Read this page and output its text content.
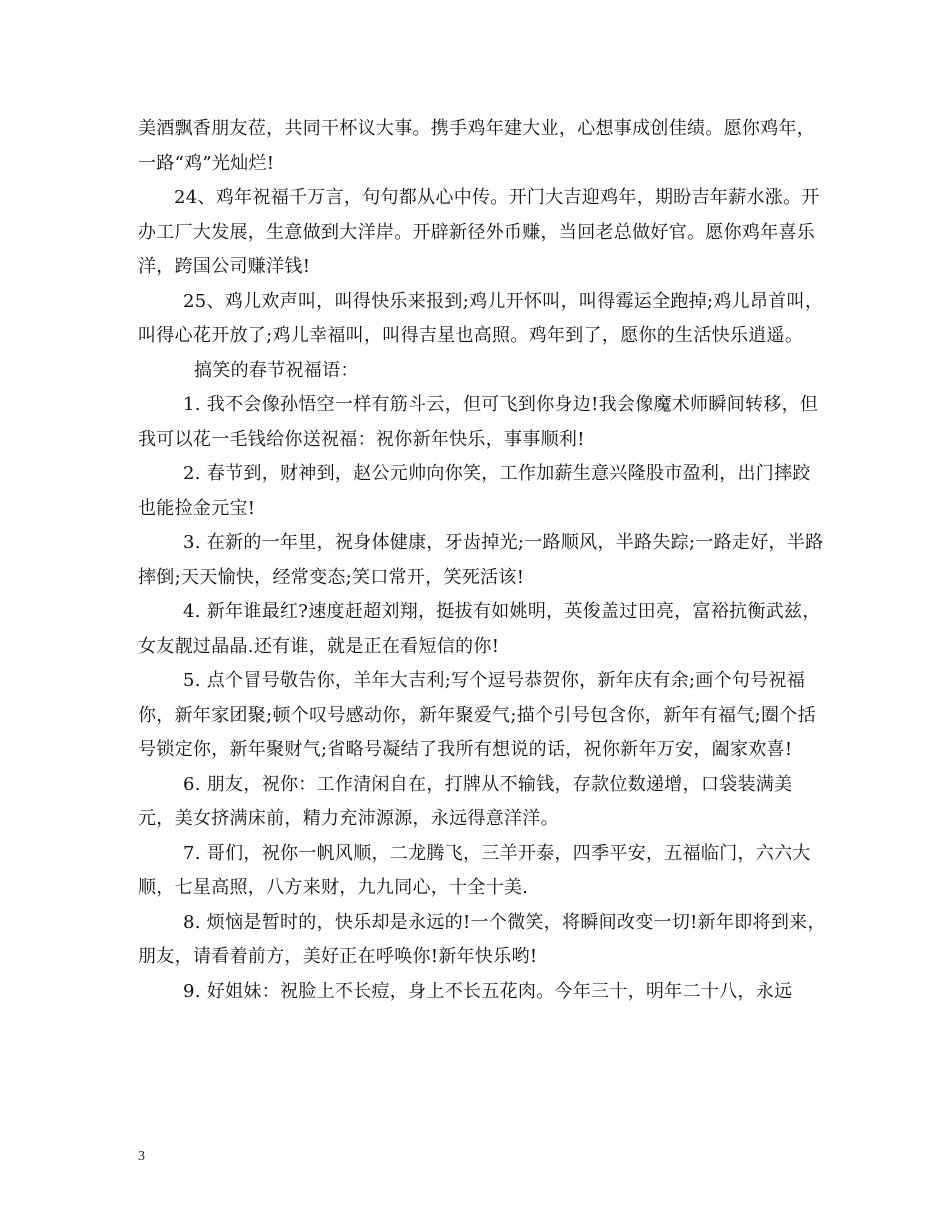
美酒飘香朋友莅，共同干杯议大事。携手鸡年建大业，心想事成创佳绩。愿你鸡年，一路“鸡”光灿烂!

24、鸡年祝福千万言，句句都从心中传。开门大吉迎鸡年，期盼吉年薪水涨。开办工厂大发展，生意做到大洋岸。开辟新径外币赚，当回老总做好官。愿你鸡年喜乐洋，跨国公司赚洋钱!

25、鸡儿欢声叫，叫得快乐来报到;鸡儿开怀叫，叫得霉运全跑掉;鸡儿昂首叫，叫得心花开放了;鸡儿幸福叫，叫得吉星也高照。鸡年到了，愿你的生活快乐逍遥。

搞笑的春节祝福语：

1. 我不会像孙悟空一样有筋斗云，但可飞到你身边!我会像魔术师瞬间转移，但我可以花一毛钱给你送祝福：祝你新年快乐，事事顺利!

2. 春节到，财神到，赵公元帅向你笑，工作加薪生意兴隆股市盈利，出门摔跤也能捡金元宝!

3. 在新的一年里，祝身体健康，牙齿掉光;一路顺风，半路失踪;一路走好，半路摔倒;天天愉快，经常变态;笑口常开，笑死活该!

4. 新年谁最红?速度赶超刘翔，挺拔有如姚明，英俊盖过田亮，富裕抗衡武兹，女友靓过晶晶.还有谁，就是正在看短信的你!

5. 点个冒号敬告你，羊年大吉利;写个逗号恭贺你，新年庆有余;画个句号祝福你，新年家团聚;顿个叹号感动你，新年聚爱气;描个引号包含你，新年有福气;圈个括号锁定你，新年聚财气;省略号凝结了我所有想说的话，祝你新年万安，阖家欢喜!

6. 朋友，祝你：工作清闲自在，打牌从不输钱，存款位数递增，口袋装满美元，美女挤满床前，精力充沛源源，永远得意洋洋。

7. 哥们，祝你一帆风顺，二龙腾飞，三羊开泰，四季平安，五福临门，六六大顺，七星高照，八方来财，九九同心，十全十美.

8. 烦恼是暂时的，快乐却是永远的!一个微笑，将瞬间改变一切!新年即将到来，朋友，请看着前方，美好正在呼唤你!新年快乐哟!

9. 好姐妹：祝脸上不长痘，身上不长五花肉。今年三十，明年二十八，永远

3
